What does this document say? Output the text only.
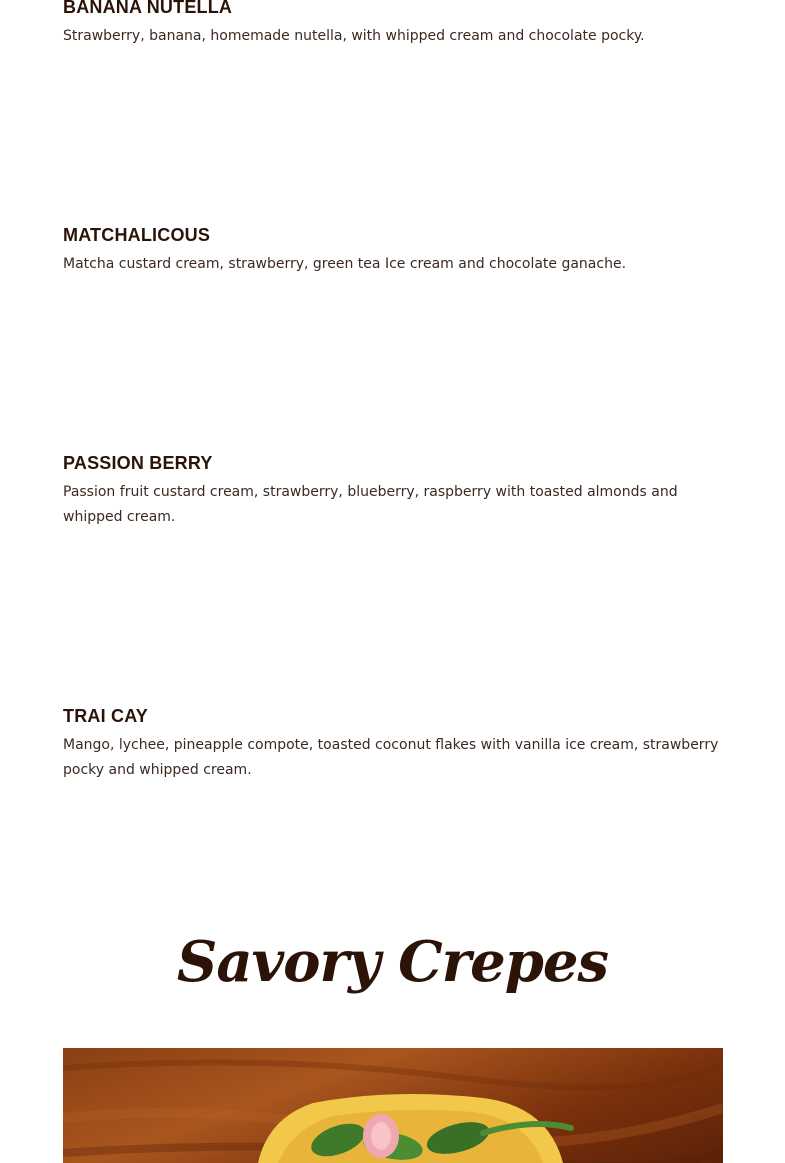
BANANA NUTELLA

Strawberry, banana, homemade nutella, with whipped cream and chocolate pocky.

MATCHALICOUS

Matcha custard cream, strawberry, green tea Ice cream and chocolate ganache.

PASSION BERRY

Passion fruit custard cream, strawberry, blueberry, raspberry with toasted almonds and whipped cream.

TRAI CAY

Mango, lychee, pineapple compote, toasted coconut flakes with vanilla ice cream, strawberry pocky and whipped cream.

Savory Crepes
